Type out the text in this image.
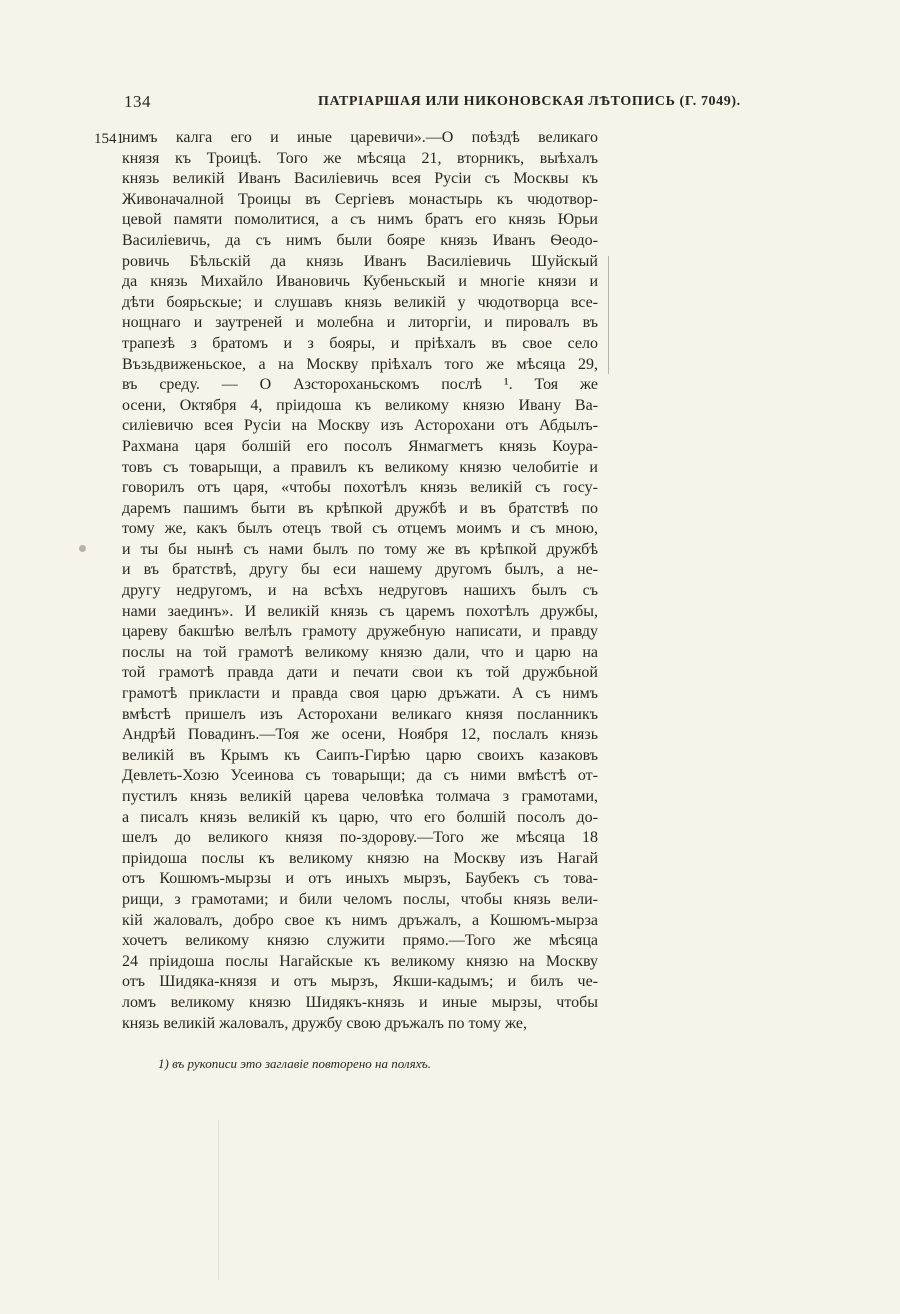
134	ПАТРІАРШАЯ ИЛИ НИКОНОВСКАЯ ЛѢТОПИСЬ (Г. 7049).
1541
нимъ калга его и иные царевичи».—О поѣздѣ великаго
князя къ Троицѣ. Того же мѣсяца 21, вторникъ, выѣхалъ
князь великій Иванъ Василіевичь всея Русіи съ Москвы къ
Живоначалной Троицы въ Сергіевъ монастырь къ чюдотвор-
цевой памяти помолитися, а съ нимъ братъ его князь Юрьи
Василіевичь, да съ нимъ были бояре князь Иванъ Ѳеодо-
ровичь Бѣльскій да князь Иванъ Василіевичь Шуйскый
да князь Михайло Ивановичь Кубеньскый и многіе князи и
дѣти боярьскые; и слушавъ князь великій у чюдотворца все-
нощнаго и заутреней и молебна и литоргіи, и пировалъ въ
трапезѣ з братомъ и з бояры, и пріѣхалъ въ свое село
Възьдвиженьское, а на Москву пріѣхалъ того же мѣсяца 29,
въ среду. — О Азстороханьскомъ послѣ ¹. Тоя же
осени, Октября 4, пріидоша къ великому князю Ивану Ва-
силіевичю всея Русіи на Москву изъ Асторохани отъ Абдылъ-
Рахмана царя болшій его посолъ Янмагметъ князь Коура-
товъ съ товарыщи, а правилъ къ великому князю челобитіе и
говорилъ отъ царя, «чтобы похотѣлъ князь великій съ госу-
даремъ пашимъ быти въ крѣпкой дружбѣ и въ братствѣ по
тому же, какъ былъ отецъ твой съ отцемъ моимъ и съ мною,
и ты бы нынѣ съ нами былъ по тому же въ крѣпкой дружбѣ
и въ братствѣ, другу бы еси нашему другомъ былъ, а не-
другу недругомъ, и на всѣхъ недруговъ нашихъ былъ съ
нами заединъ». И великій князь съ царемъ похотѣлъ дружбы,
цареву бакшѣю велѣлъ грамоту дружебную написати, и правду
послы на той грамотѣ великому князю дали, что и царю на
той грамотѣ правда дати и печати свои къ той дружбьной
грамотѣ прикласти и правда своя царю дръжати. А съ нимъ
вмѣстѣ пришелъ изъ Асторохани великаго князя посланникъ
Андрѣй Повадинъ.—Тоя же осени, Ноября 12, послалъ князь
великій въ Крымъ къ Саипъ-Гирѣю царю своихъ казаковъ
Девлеть-Хозю Усеинова съ товарыщи; да съ ними вмѣстѣ от-
пустилъ князь великій царева человѣка толмача з грамотами,
а писалъ князь великій къ царю, что его болшій посолъ до-
шелъ до великого князя по-здорову.—Того же мѣсяца 18
пріидоша послы къ великому князю на Москву изъ Нагай
отъ Кошюмъ-мырзы и отъ иныхъ мырзъ, Баубекъ съ това-
рищи, з грамотами; и били челомъ послы, чтобы князь вели-
кій жаловалъ, добро свое къ нимъ дръжалъ, а Кошюмъ-мырза
хочетъ великому князю служити прямо.—Того же мѣсяца
24 пріидоша послы Нагайскые къ великому князю на Москву
отъ Шидяка-князя и отъ мырзъ, Якши-кадымъ; и билъ че-
ломъ великому князю Шидякъ-князь и иные мырзы, чтобы
князь великій жаловалъ, дружбу свою дръжалъ по тому же,
1) въ рукописи это заглавіе повторено на поляхъ.
